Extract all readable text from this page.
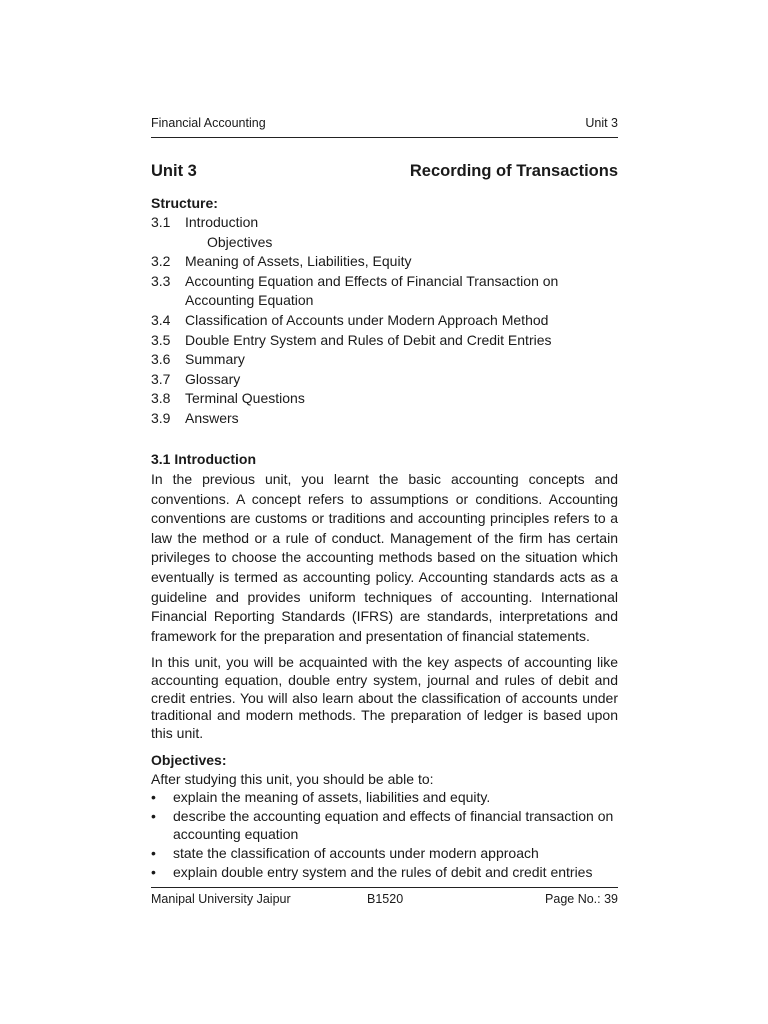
Financial Accounting	Unit 3
Unit 3	Recording of Transactions
Structure:
3.1	Introduction
Objectives
3.2	Meaning of Assets, Liabilities, Equity
3.3	Accounting Equation and Effects of Financial Transaction on Accounting Equation
3.4	Classification of Accounts under Modern Approach Method
3.5	Double Entry System and Rules of Debit and Credit Entries
3.6	Summary
3.7	Glossary
3.8	Terminal Questions
3.9	Answers
3.1 Introduction

In the previous unit, you learnt the basic accounting concepts and conventions. A concept refers to assumptions or conditions. Accounting conventions are customs or traditions and accounting principles refers to a law the method or a rule of conduct. Management of the firm has certain privileges to choose the accounting methods based on the situation which eventually is termed as accounting policy. Accounting standards acts as a guideline and provides uniform techniques of accounting. International Financial Reporting Standards (IFRS) are standards, interpretations and framework for the preparation and presentation of financial statements.

In this unit, you will be acquainted with the key aspects of accounting like accounting equation, double entry system, journal and rules of debit and credit entries. You will also learn about the classification of accounts under traditional and modern methods. The preparation of ledger is based upon this unit.

Objectives:
After studying this unit, you should be able to:
•	explain the meaning of assets, liabilities and equity.
•	describe the accounting equation and effects of financial transaction on accounting equation
•	state the classification of accounts under modern approach
•	explain double entry system and the rules of debit and credit entries
Manipal University Jaipur	B1520	Page No.: 39
